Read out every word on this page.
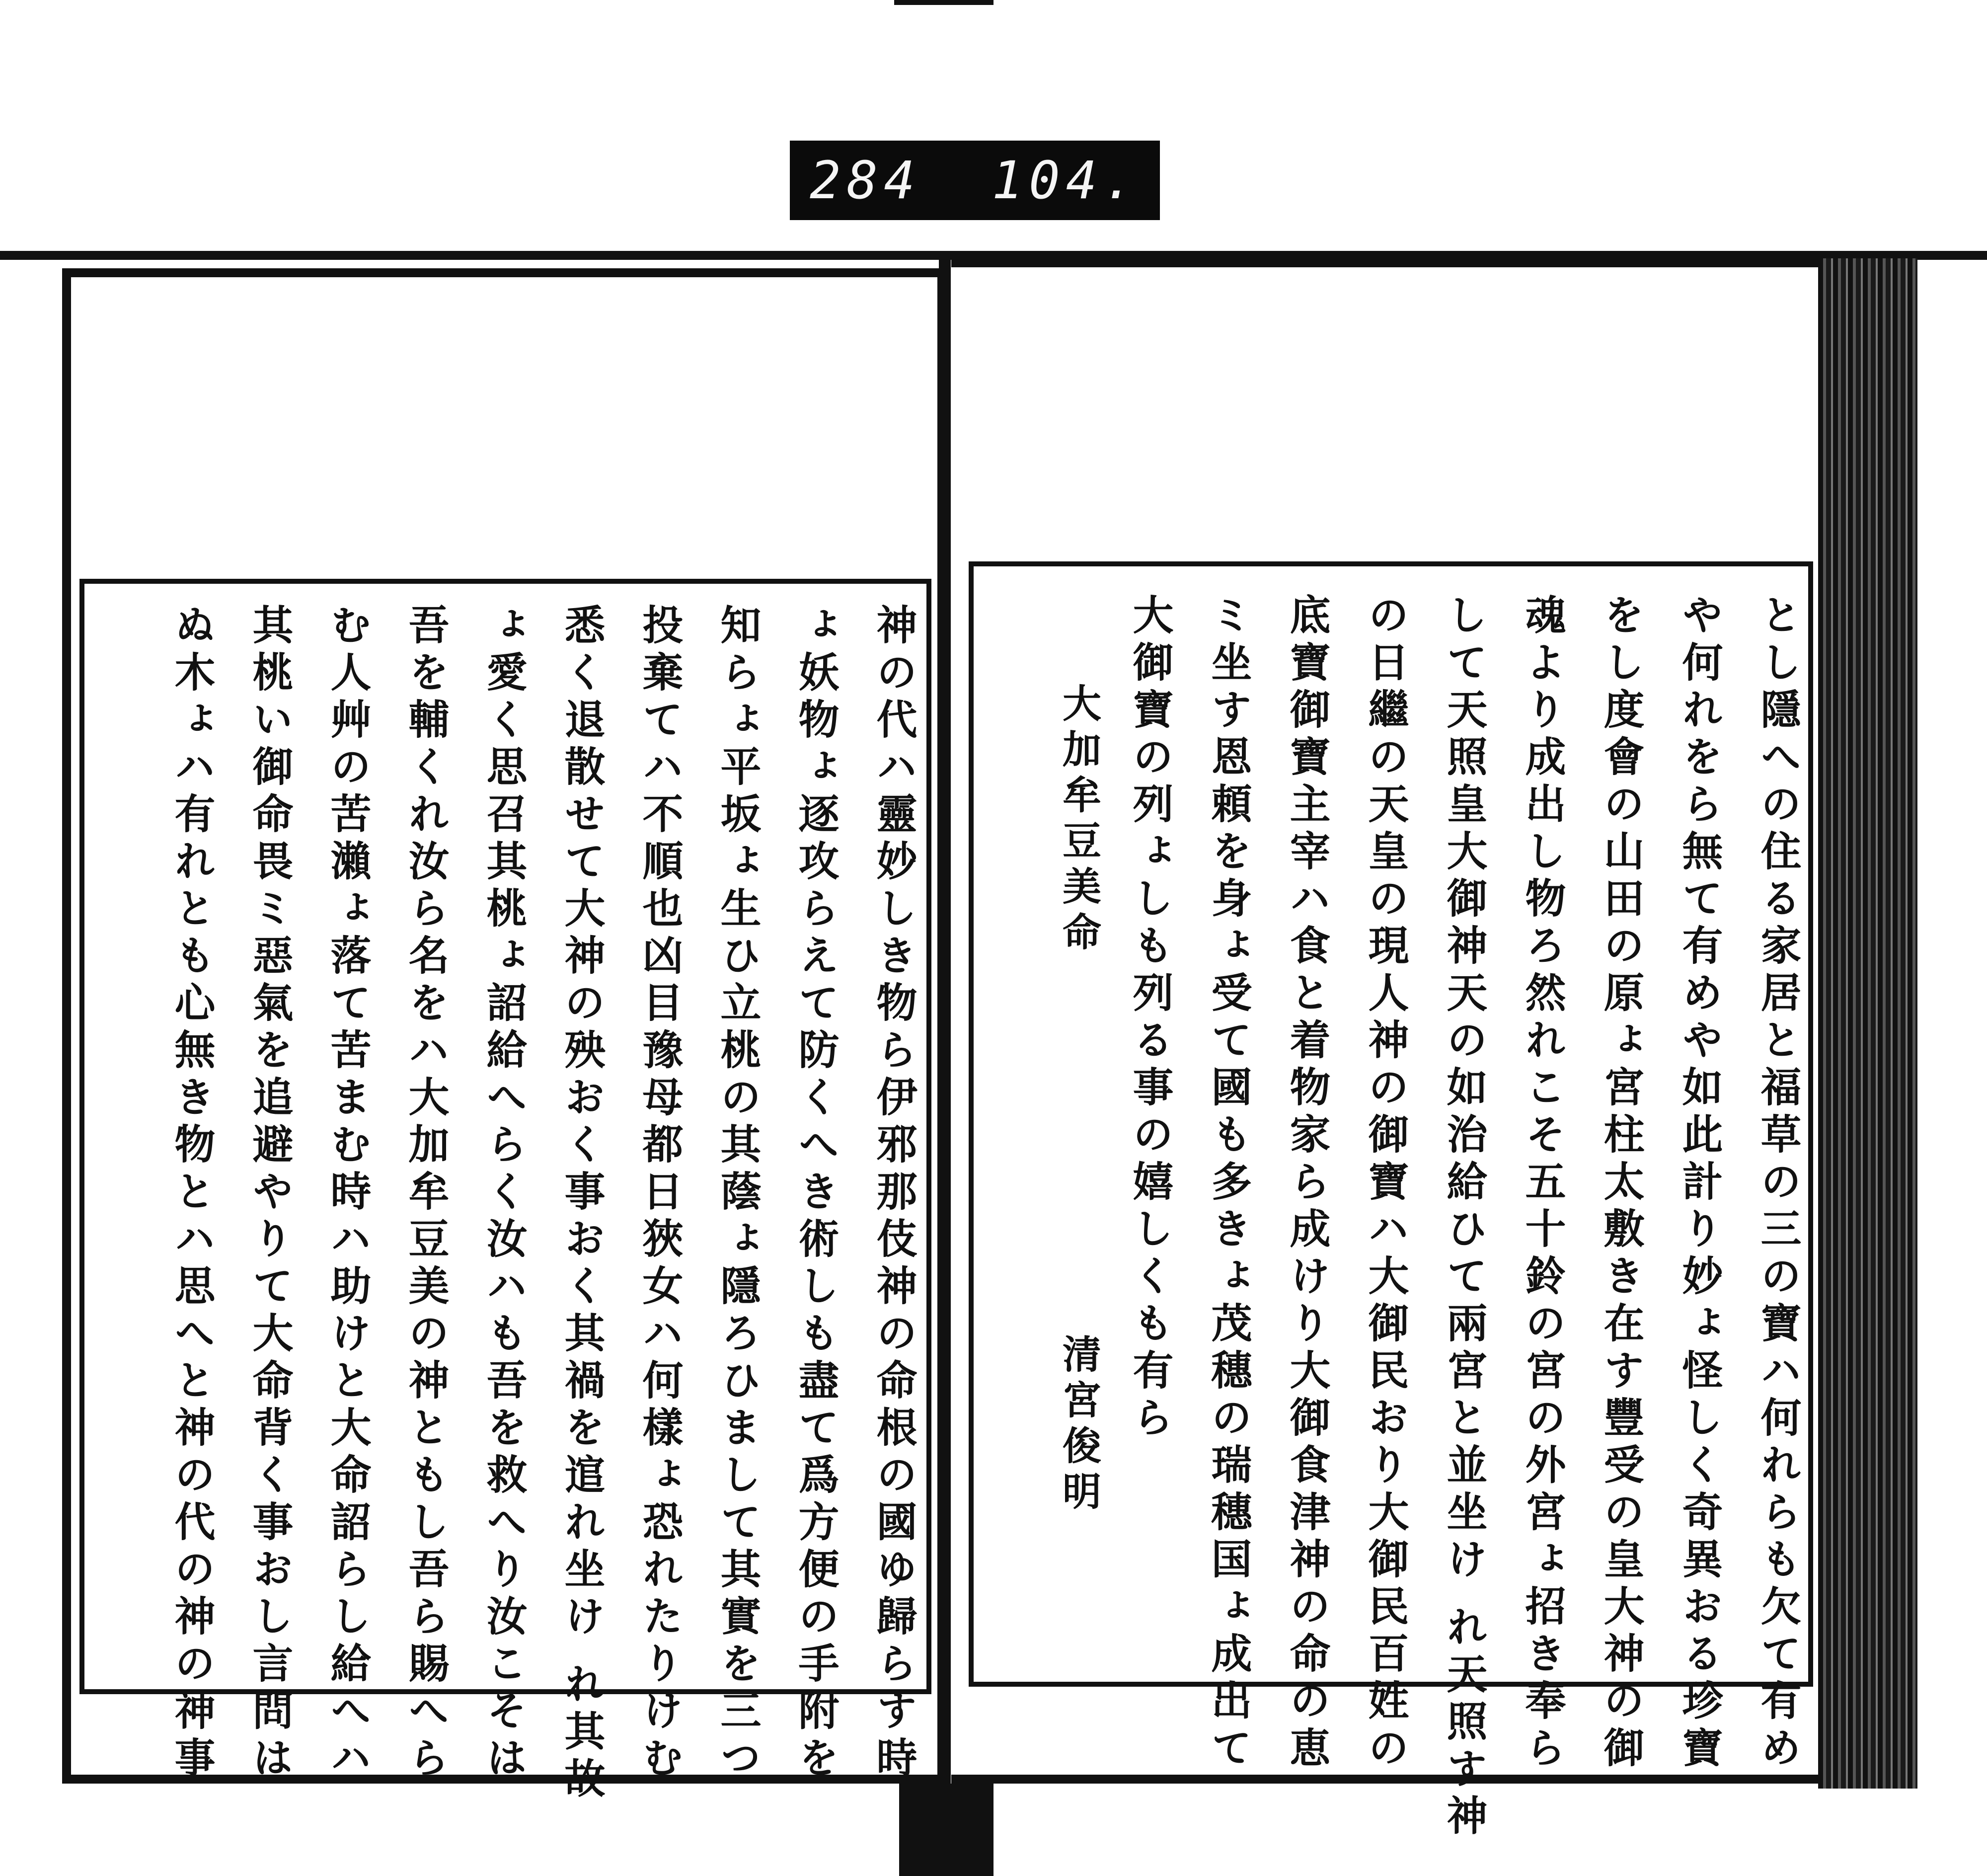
284 104.
神の代ハ靈妙しき物ら伊邪那伎神の命根の國ゆ歸らす時
ょ妖物ょ逐攻らえて防くへき術しも盡て爲方便の手附を
知らょ平坂ょ生ひ立桃の其蔭ょ隱ろひまして其實を三つ
投棄てハ不順也凶目豫母都日狹女ハ何樣ょ恐れたりけむ
悉く退散せて大神の殃おく事おく其禍を逭れ坐け れ其故
ょ愛く思召其桃ょ詔給へらく汝ハも吾を救へり汝こそは
吾を輔くれ汝ら名をハ大加牟豆美の神ともし吾ら賜へら
む人艸の苦瀨ょ落て苦まむ時ハ助けと大命詔らし給へハ
其桃い御命畏ミ惡氣を追避やりて大命背く事おし言問は
ぬ木ょハ有れとも心無き物とハ思へと神の代の神の神事	とし隱への住る家居と福草の三の寶ハ何れらも欠て有め
や何れをら無て有めや如此計り妙ょ怪しく奇異おる珍寶
をし度會の山田の原ょ宮柱太敷き在す豐受の皇大神の御
魂より成出し物ろ然れこそ五十鈴の宮の外宮ょ招き奉ら
して天照皇大御神天の如治給ひて兩宮と並坐け れ天照す神
の日繼の天皇の現人神の御寶ハ大御民おり大御民百姓の
底寶御寶主宰ハ食と着物家ら成けり大御食津神の命の恵
ミ坐す恩頼を身ょ受て國も多きょ茂穗の瑞穗国ょ成出て
大御寶の列ょしも列る事の嬉しくも有ら
大加牟豆美命
清宮俊明
